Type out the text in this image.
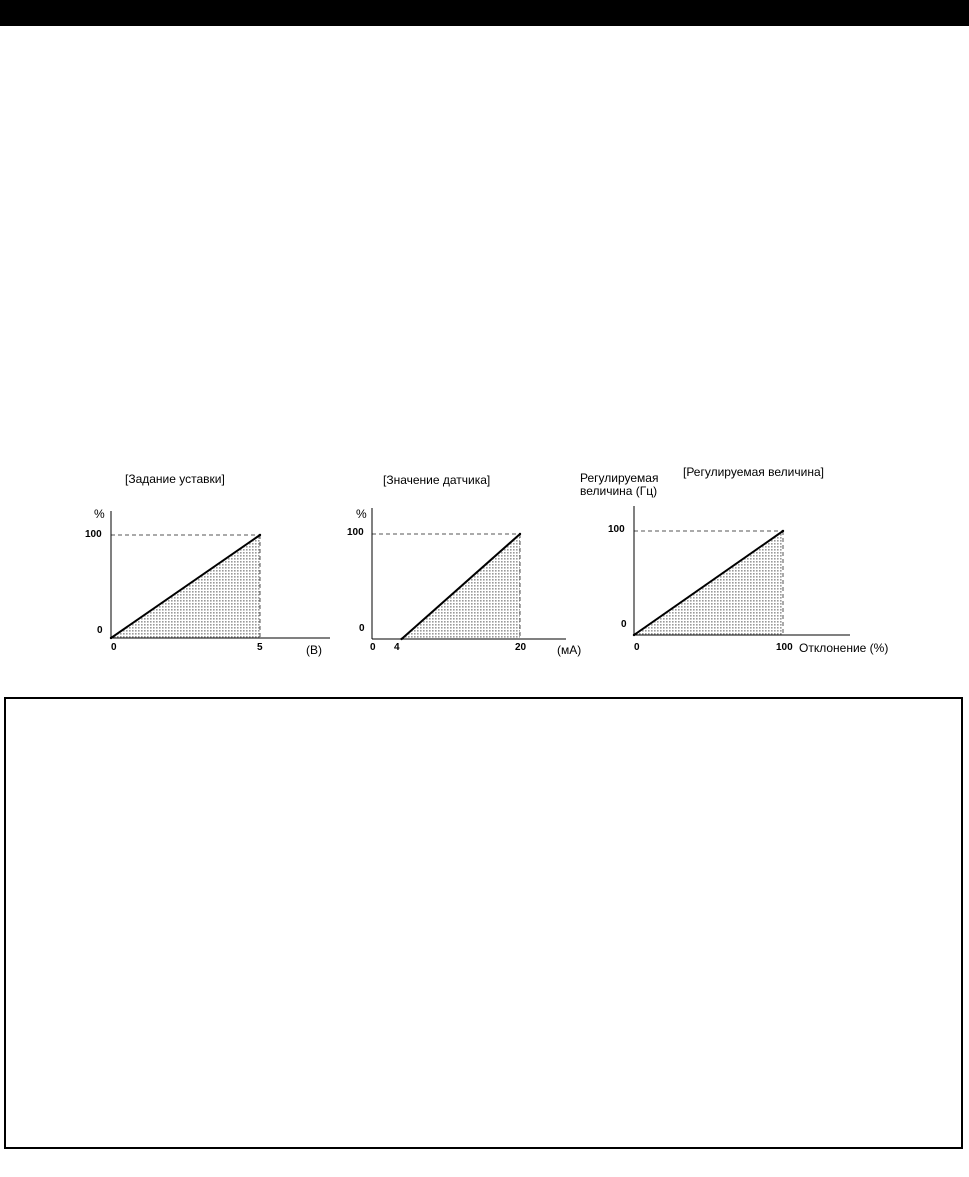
[Задание уставки]
%
100
0
0	5	(В)
[Значение датчика]
%
100
0
0 4	20	(мА)
[Регулируемая величина]
Регулируемая
величина (Гц)
100
0
0	100 Отклонение (%)
